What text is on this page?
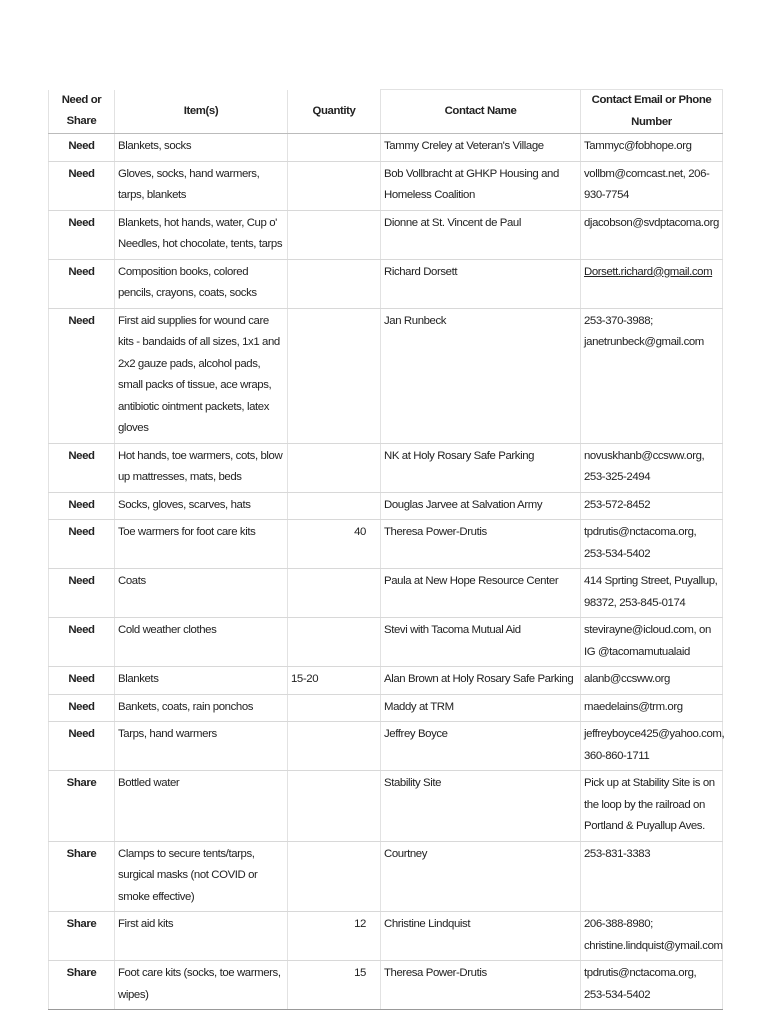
Need or Share	Item(s)	Quantity	Contact Name	Contact Email or Phone Number
Need	Blankets, socks		Tammy Creley at Veteran's Village	Tammyc@fobhope.org
Need	Gloves, socks, hand warmers, tarps, blankets		Bob Vollbracht at GHKP Housing and Homeless Coalition	vollbm@comcast.net, 206-930-7754
Need	Blankets, hot hands, water, Cup o' Needles, hot chocolate, tents, tarps		Dionne at St. Vincent de Paul	djacobson@svdptacoma.org
Need	Composition books, colored pencils, crayons, coats, socks		Richard Dorsett	Dorsett.richard@gmail.com
Need	First aid supplies for wound care kits - bandaids of all sizes, 1x1 and 2x2 gauze pads, alcohol pads, small packs of tissue, ace wraps, antibiotic ointment packets, latex gloves		Jan Runbeck	253-370-3988; janetrunbeck@gmail.com
Need	Hot hands, toe warmers, cots, blow up mattresses, mats, beds		NK at Holy Rosary Safe Parking	novuskhanb@ccsww.org, 253-325-2494
Need	Socks, gloves, scarves, hats		Douglas Jarvee at Salvation Army	253-572-8452
Need	Toe warmers for foot care kits	40	Theresa Power-Drutis	tpdrutis@nctacoma.org, 253-534-5402
Need	Coats		Paula at New Hope Resource Center	414 Sprting Street, Puyallup, 98372, 253-845-0174
Need	Cold weather clothes		Stevi with Tacoma Mutual Aid	stevirayne@icloud.com, on IG @tacomamutualaid
Need	Blankets	15-20	Alan Brown at Holy Rosary Safe Parking	alanb@ccsww.org
Need	Bankets, coats, rain ponchos		Maddy at TRM	maedelains@trm.org
Need	Tarps, hand warmers		Jeffrey Boyce	jeffreyboyce425@yahoo.com, 360-860-1711
Share	Bottled water		Stability Site	Pick up at Stability Site is on the loop by the railroad on Portland & Puyallup Aves.
Share	Clamps to secure tents/tarps, surgical masks (not COVID or smoke effective)		Courtney	253-831-3383
Share	First aid kits	12	Christine Lindquist	206-388-8980; christine.lindquist@ymail.com
Share	Foot care kits (socks, toe warmers, wipes)	15	Theresa Power-Drutis	tpdrutis@nctacoma.org, 253-534-5402
